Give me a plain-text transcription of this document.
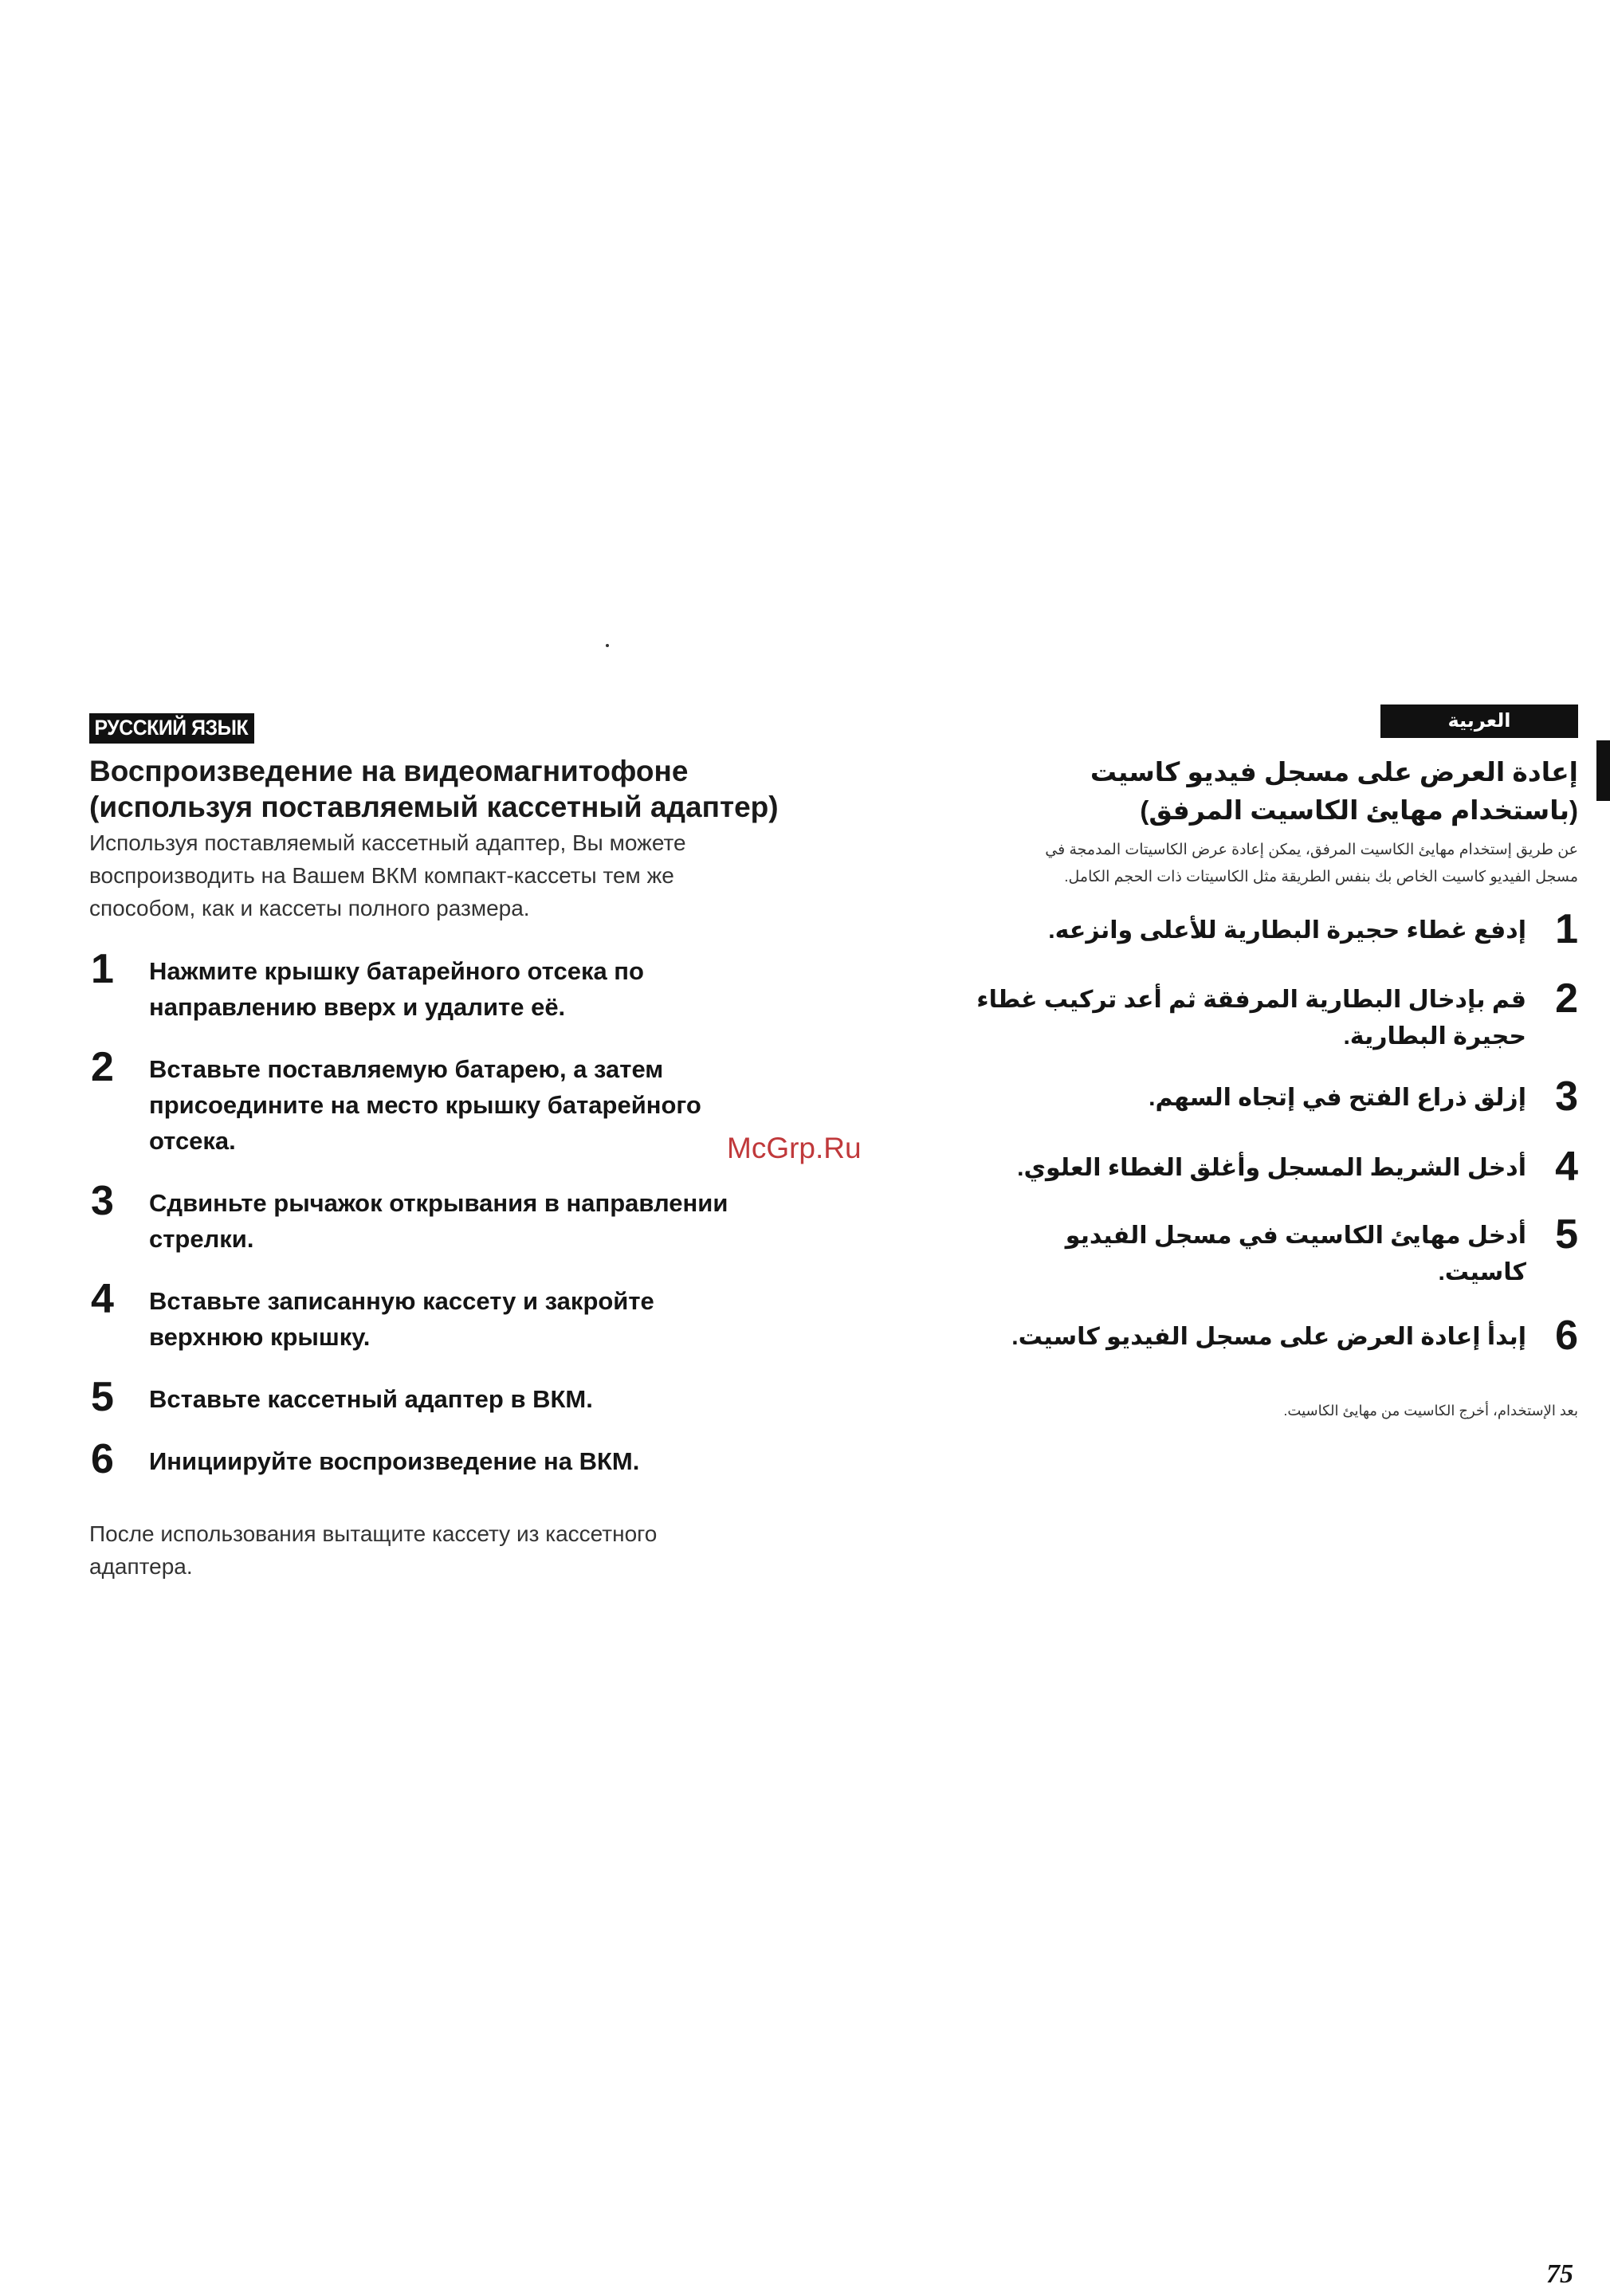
РУССКИЙ ЯЗЫК
Воспроизведение на видеомагнитофоне
(используя поставляемый кассетный адаптер)
Используя поставляемый кассетный адаптер, Вы можете
воспроизводить на Вашем ВКМ компакт-кассеты тем же
способом, как и кассеты полного размера.
1 Нажмите крышку батарейного отсека по
направлению вверх и удалите её.
2 Вставьте поставляемую батарею, а затем
присоедините на место крышку батарейного
отсека.
3 Сдвиньте рычажок открывания в направлении
стрелки.
4 Вставьте записанную кассету и закройте
верхнюю крышку.
5 Вставьте кассетный адаптер в ВКМ.
6 Инициируйте воспроизведение на ВКМ.
После использования вытащите кассету из кассетного
адаптера.
McGrp.Ru
العربية
إعادة العرض على مسجل فيديو كاسيت
(باستخدام مهايئ الكاسيت المرفق)
عن طريق إستخدام مهايئ الكاسيت المرفق، يمكن إعادة عرض الكاسيتات المدمجة في
مسجل الفيديو كاسيت الخاص بك بنفس الطريقة مثل الكاسيتات ذات الحجم الكامل.
1
إدفع غطاء حجيرة البطارية للأعلى وانزعه.
2
قم بإدخال البطارية المرفقة ثم أعد تركيب غطاء
حجيرة البطارية.
3
إزلق ذراع الفتح في إتجاه السهم.
4
أدخل الشريط المسجل وأغلق الغطاء العلوي.
5
أدخل مهايئ الكاسيت في مسجل الفيديو
كاسيت.
6
إبدأ إعادة العرض على مسجل الفيديو كاسيت.
بعد الإستخدام، أخرج الكاسيت من مهايئ الكاسيت.
75
